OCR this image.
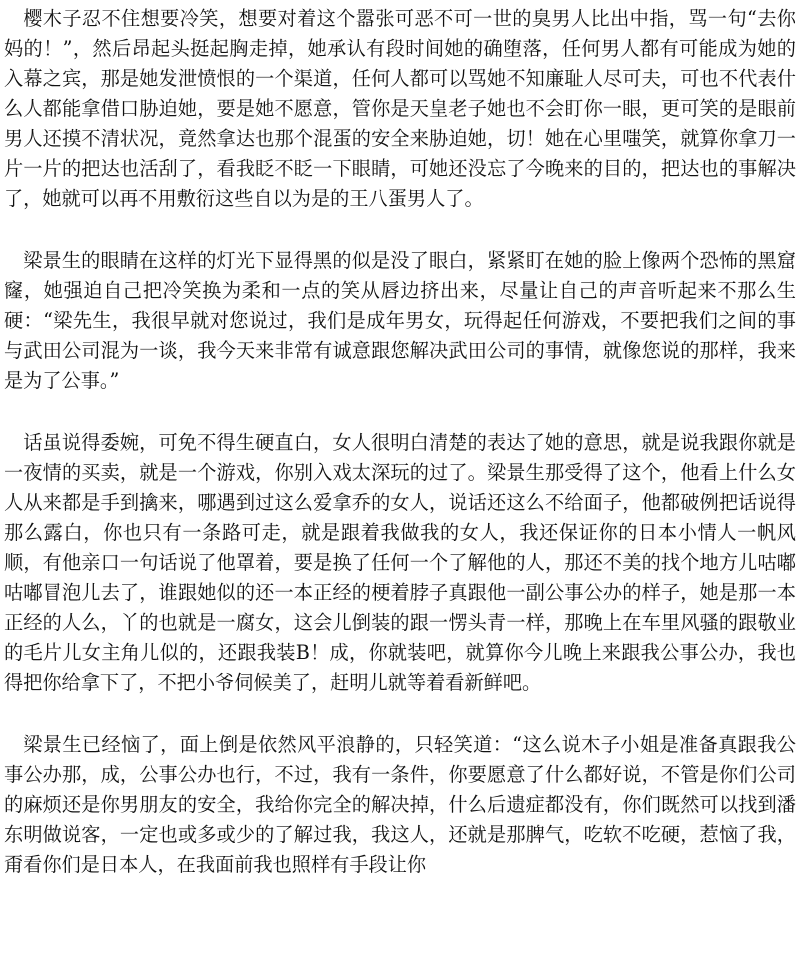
樱木子忍不住想要冷笑，想要对着这个嚣张可恶不可一世的臭男人比出中指，骂一句“去你妈的！”，然后昂起头挺起胸走掉，她承认有段时间她的确堕落，任何男人都有可能成为她的入幕之宾，那是她发泄愤恨的一个渠道，任何人都可以骂她不知廉耻人尽可夫，可也不代表什么人都能拿借口胁迫她，要是她不愿意，管你是天皇老子她也不会盯你一眼，更可笑的是眼前男人还摸不清状况，竟然拿达也那个混蛋的安全来胁迫她，切！她在心里嗤笑，就算你拿刀一片一片的把达也活刮了，看我眨不眨一下眼睛，可她还没忘了今晚来的目的，把达也的事解决了，她就可以再不用敷衍这些自以为是的王八蛋男人了。

梁景生的眼睛在这样的灯光下显得黑的似是没了眼白，紧紧盯在她的脸上像两个恐怖的黑窟窿，她强迫自己把冷笑换为柔和一点的笑从唇边挤出来，尽量让自己的声音听起来不那么生硬：“梁先生，我很早就对您说过，我们是成年男女，玩得起任何游戏，不要把我们之间的事与武田公司混为一谈，我今天来非常有诚意跟您解决武田公司的事情，就像您说的那样，我来是为了公事。”

话虽说得委婉，可免不得生硬直白，女人很明白清楚的表达了她的意思，就是说我跟你就是一夜情的买卖，就是一个游戏，你别入戏太深玩的过了。梁景生那受得了这个，他看上什么女人从来都是手到擒来，哪遇到过这么爱拿乔的女人，说话还这么不给面子，他都破例把话说得那么露白，你也只有一条路可走，就是跟着我做我的女人，我还保证你的日本小情人一帆风顺，有他亲口一句话说了他罩着，要是换了任何一个了解他的人，那还不美的找个地方儿咕嘟咕嘟冒泡儿去了，谁跟她似的还一本正经的梗着脖子真跟他一副公事公办的样子，她是那一本正经的人么，丫的也就是一腐女，这会儿倒装的跟一愣头青一样，那晚上在车里风骚的跟敬业的毛片儿女主角儿似的，还跟我装B！成，你就装吧，就算你今儿晚上来跟我公事公办，我也得把你给拿下了，不把小爷伺候美了，赶明儿就等着看新鲜吧。

梁景生已经恼了，面上倒是依然风平浪静的，只轻笑道：“这么说木子小姐是准备真跟我公事公办那，成，公事公办也行，不过，我有一条件，你要愿意了什么都好说，不管是你们公司的麻烦还是你男朋友的安全，我给你完全的解决掉，什么后遗症都没有，你们既然可以找到潘东明做说客，一定也或多或少的了解过我，我这人，还就是那脾气，吃软不吃硬，惹恼了我，甭看你们是日本人，在我面前我也照样有手段让你
